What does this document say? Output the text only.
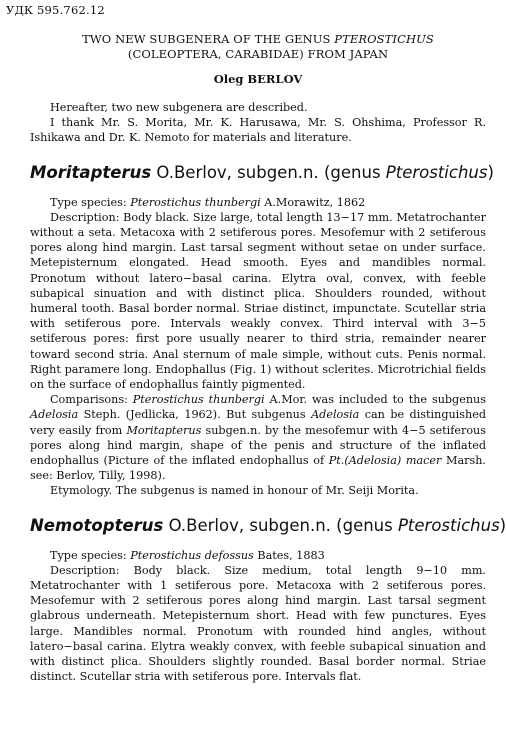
УДК 595.762.12
TWO NEW SUBGENERA OF THE GENUS PTEROSTICHUS
(COLEOPTERA, CARABIDAE) FROM JAPAN
Oleg BERLOV

Hereafter, two new subgenera are described.

I thank Mr. S. Morita, Mr. K. Harusawa, Mr. S. Ohshima, Professor R. Ishikawa and Dr. K. Nemoto for materials and literature.

Moritapterus O.Berlov, subgen.n. (genus Pterostichus)

Type species: Pterostichus thunbergi A.Morawitz, 1862

Description: Body black. Size large, total length 13−17 mm. Metatrochanter without a seta. Metacoxa with 2 setiferous pores. Mesofemur with 2 setiferous pores along hind margin. Last tarsal segment without setae on under surface. Metepisternum elongated. Head smooth. Eyes and mandibles normal. Pronotum without latero−basal carina. Elytra oval, convex, with feeble subapical sinuation and with distinct plica. Shoulders rounded, without humeral tooth. Basal border normal. Striae distinct, impunctate. Scutellar stria with setiferous pore. Intervals weakly convex. Third interval with 3−5 setiferous pores: first pore usually nearer to third stria, remainder nearer toward second stria. Anal sternum of male simple, without cuts. Penis normal. Right paramere long. Endophallus (Fig. 1) without sclerites. Microtrichial fields on the surface of endophallus faintly pigmented.

Comparisons: Pterostichus thunbergi A.Mor. was included to the subgenus Adelosia Steph. (Jedlicka, 1962). But subgenus Adelosia can be distinguished very easily from Moritapterus subgen.n. by the mesofemur with 4−5 setiferous pores along hind margin, shape of the penis and structure of the inflated endophallus (Picture of the inflated endophallus of Pt.(Adelosia) macer Marsh. see: Berlov, Tilly, 1998).

Etymology. The subgenus is named in honour of Mr. Seiji Morita.

Nemotopterus O.Berlov, subgen.n. (genus Pterostichus)

Type species: Pterostichus defossus Bates, 1883

Description: Body black. Size medium, total length 9−10 mm. Metatrochanter with 1 setiferous pore. Metacoxa with 2 setiferous pores. Mesofemur with 2 setiferous pores along hind margin. Last tarsal segment glabrous underneath. Metepisternum short. Head with few punctures. Eyes large. Mandibles normal. Pronotum with rounded hind angles, without latero−basal carina. Elytra weakly convex, with feeble subapical sinuation and with distinct plica. Shoulders slightly rounded. Basal border normal. Striae distinct. Scutellar stria with setiferous pore. Intervals flat.
